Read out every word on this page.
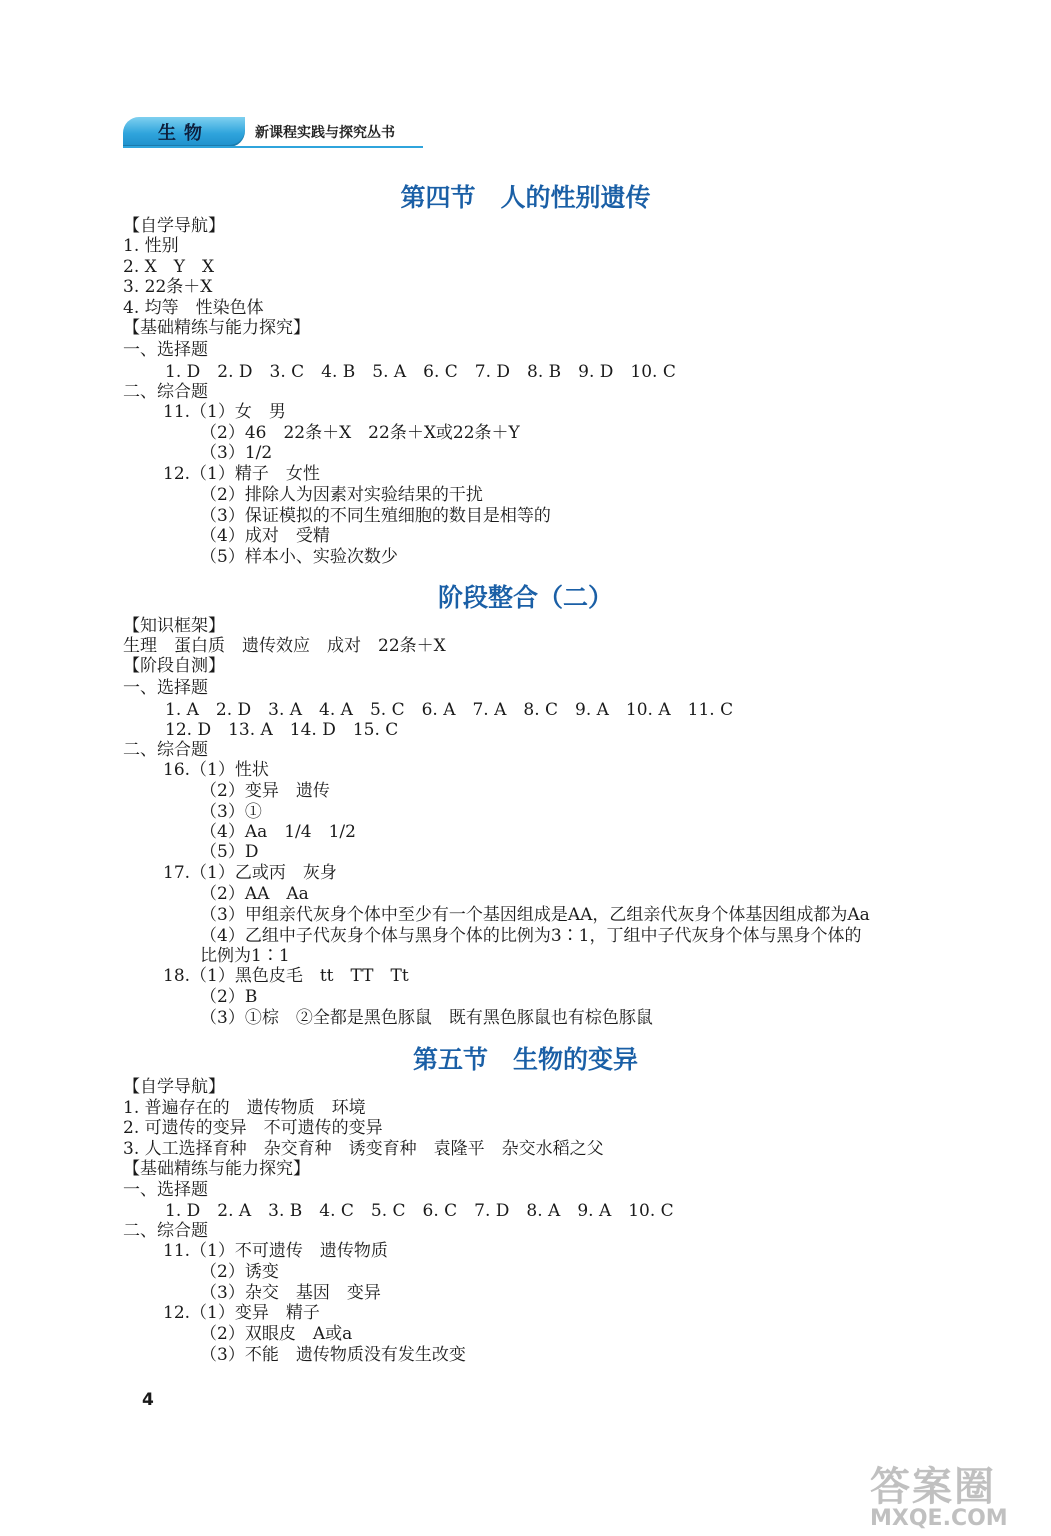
生物	新课程实践与探究丛书
第四节　人的性别遗传
【自学导航】
1. 性别
2. X　Y　X
3. 22条＋X
4. 均等　性染色体
【基础精练与能力探究】
一、选择题
1. D　2. D　3. C　4. B　5. A　6. C　7. D　8. B　9. D　10. C
二、综合题
11.（1）女　男
（2）46　22条＋X　22条＋X或22条＋Y
（3）1/2
12.（1）精子　女性
（2）排除人为因素对实验结果的干扰
（3）保证模拟的不同生殖细胞的数目是相等的
（4）成对　受精
（5）样本小、实验次数少
阶段整合（二）
【知识框架】
生理　蛋白质　遗传效应　成对　22条＋X
【阶段自测】
一、选择题
1. A　2. D　3. A　4. A　5. C　6. A　7. A　8. C　9. A　10. A　11. C
12. D　13. A　14. D　15. C
二、综合题
16.（1）性状
（2）变异　遗传
（3）①
（4）Aa　1/4　1/2
（5）D
17.（1）乙或丙　灰身
（2）AA　Aa
（3）甲组亲代灰身个体中至少有一个基因组成是AA，乙组亲代灰身个体基因组成都为Aa
（4）乙组中子代灰身个体与黑身个体的比例为3∶1，丁组中子代灰身个体与黑身个体的
比例为1∶1
18.（1）黑色皮毛　tt　TT　Tt
（2）B
（3）①棕　②全都是黑色豚鼠　既有黑色豚鼠也有棕色豚鼠
第五节　生物的变异
【自学导航】
1. 普遍存在的　遗传物质　环境
2. 可遗传的变异　不可遗传的变异
3. 人工选择育种　杂交育种　诱变育种　袁隆平　杂交水稻之父
【基础精练与能力探究】
一、选择题
1. D　2. A　3. B　4. C　5. C　6. C　7. D　8. A　9. A　10. C
二、综合题
11.（1）不可遗传　遗传物质
（2）诱变
（3）杂交　基因　变异
12.（1）变异　精子
（2）双眼皮　A或a
（3）不能　遗传物质没有发生改变
4
答案圈
MXQE.COM
